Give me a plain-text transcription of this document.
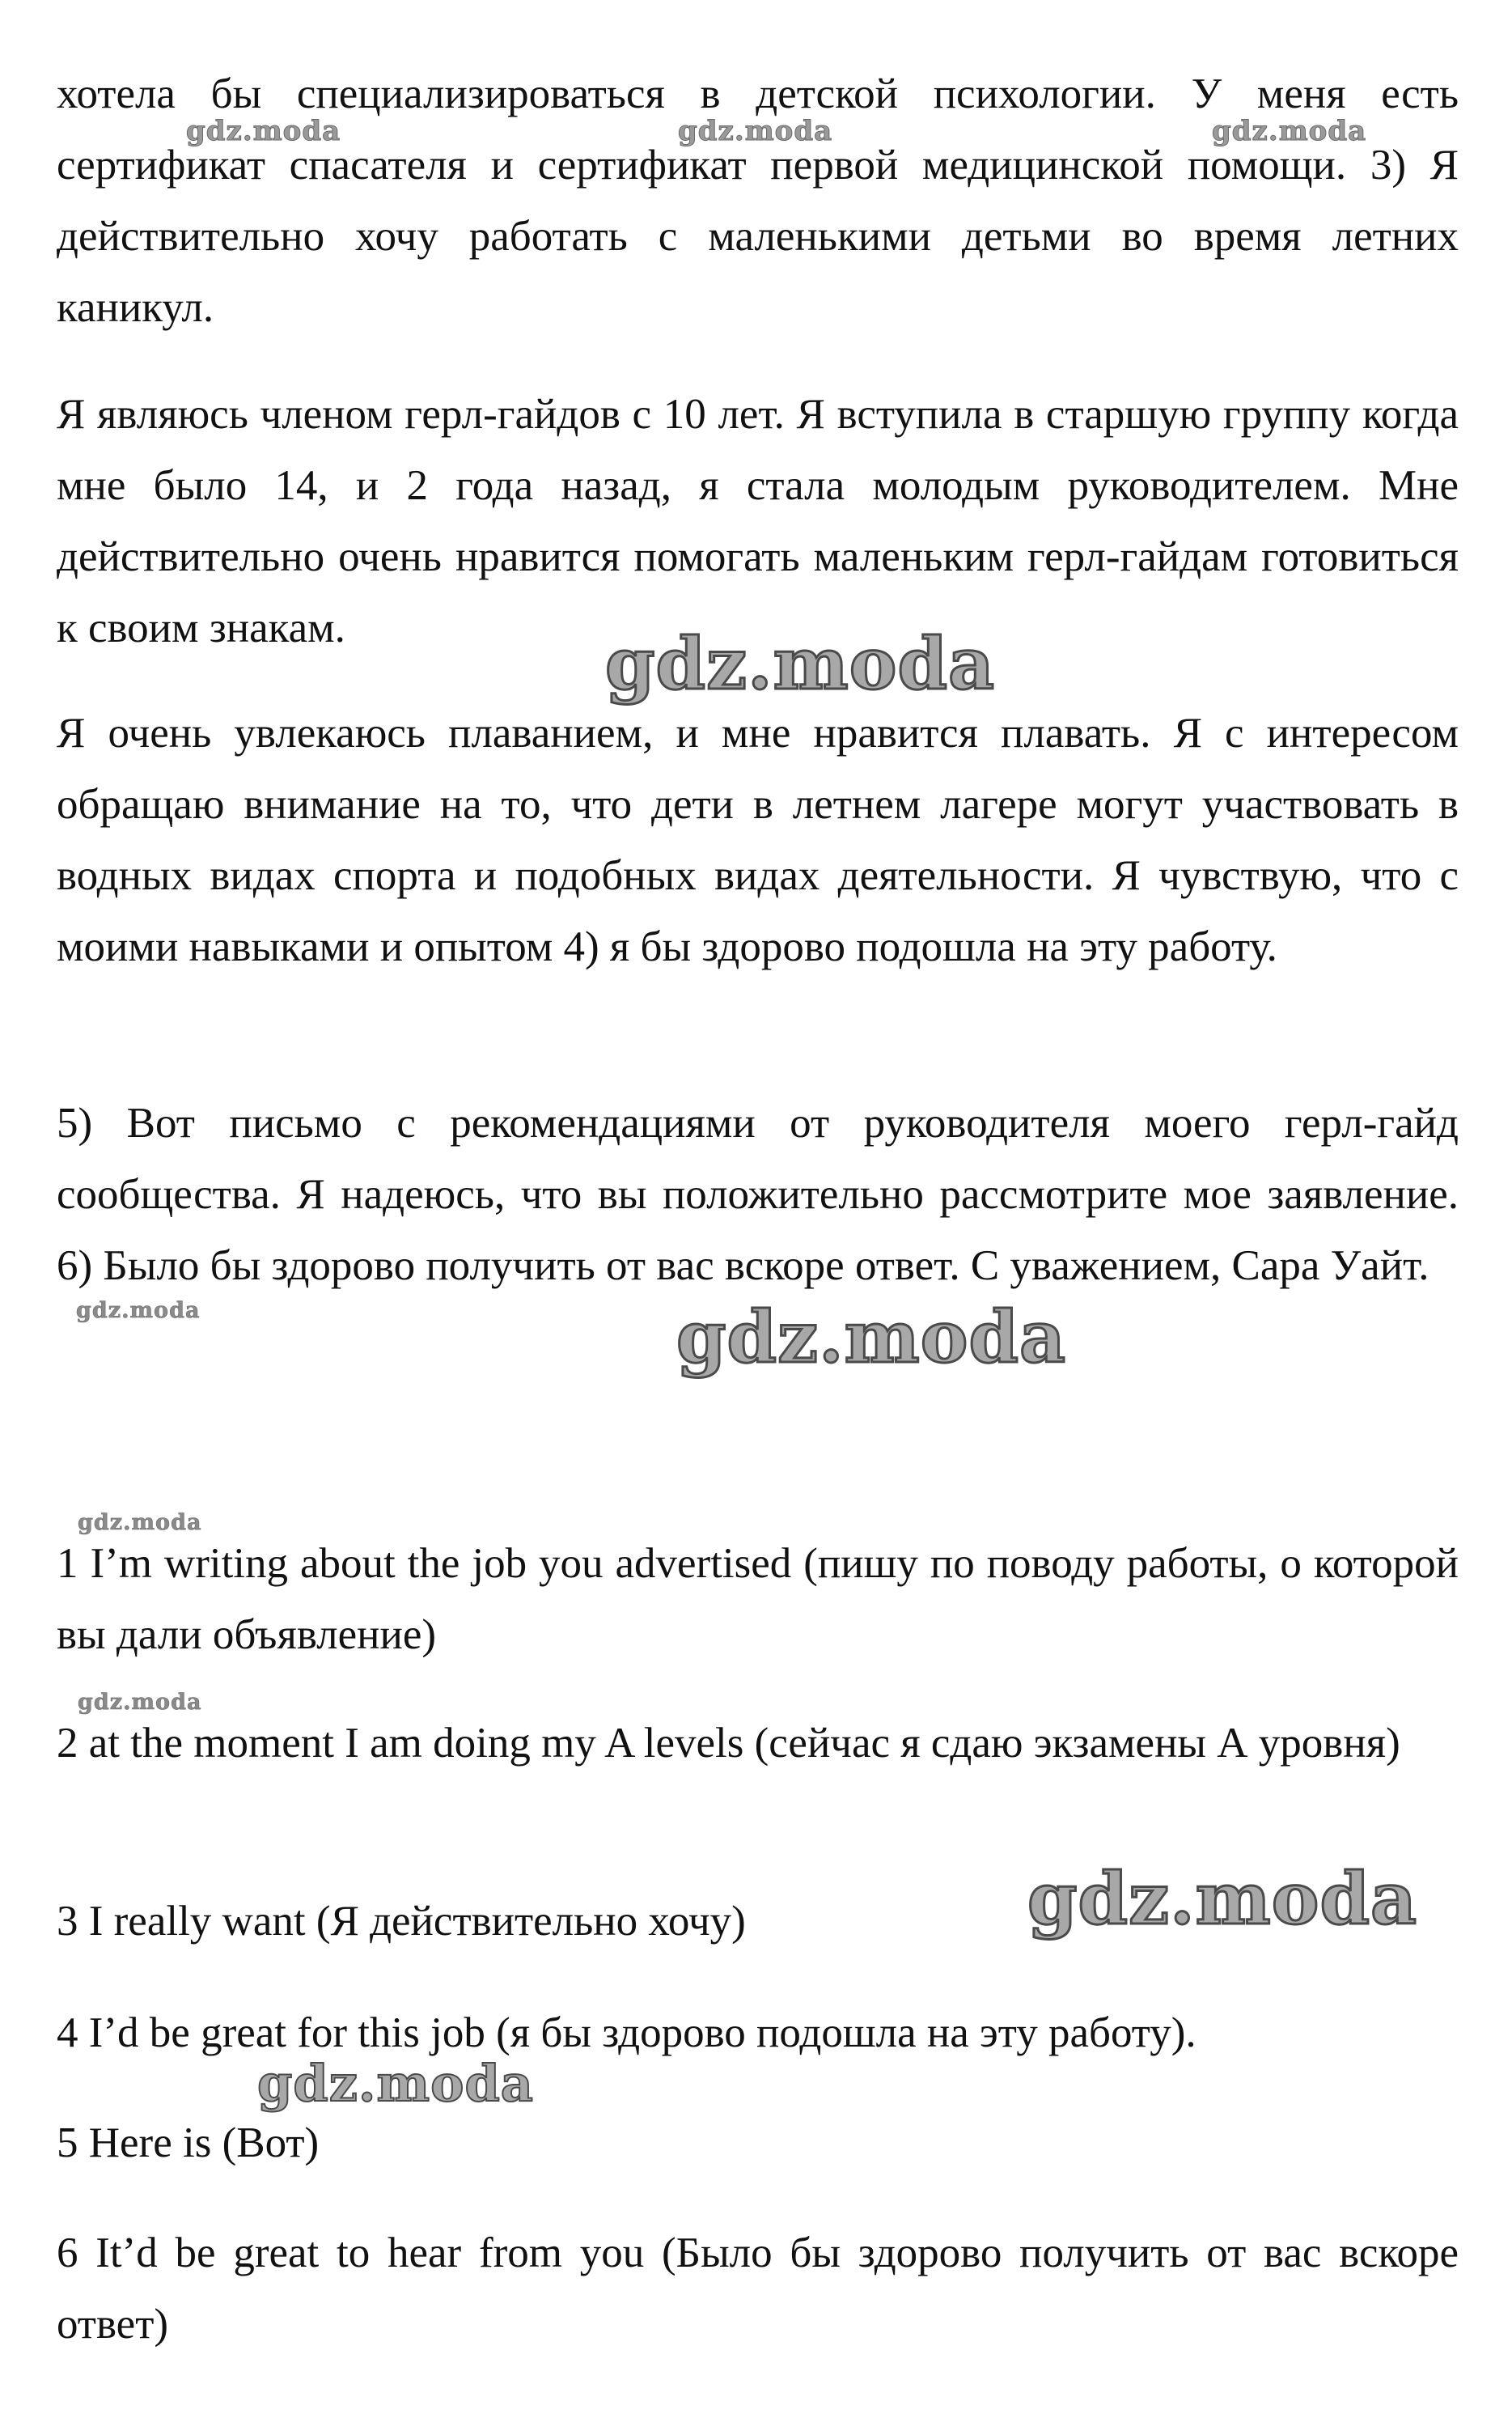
хотела бы специализироваться в детской психологии. У меня есть сертификат спасателя и сертификат первой медицинской помощи. 3) Я действительно хочу работать с маленькими детьми во время летних каникул.

Я являюсь членом герл-гайдов с 10 лет. Я вступила в старшую группу когда мне было 14, и 2 года назад, я стала молодым руководителем. Мне действительно очень нравится помогать маленьким герл-гайдам готовиться к своим знакам.

Я очень увлекаюсь плаванием, и мне нравится плавать. Я с интересом обращаю внимание на то, что дети в летнем лагере могут участвовать в водных видах спорта и подобных видах деятельности. Я чувствую, что с моими навыками и опытом 4) я бы здорово подошла на эту работу.

5) Вот письмо с рекомендациями от руководителя моего герл-гайд сообщества. Я надеюсь, что вы положительно рассмотрите мое заявление. 6) Было бы здорово получить от вас вскоре ответ. С уважением, Сара Уайт.

1 I’m writing about the job you advertised (пишу по поводу работы, о которой вы дали объявление)

2 at the moment I am doing my A levels (сейчас я сдаю экзамены А уровня)

3 I really want (Я действительно хочу)

4 I’d be great for this job (я бы здорово подошла на эту работу).

5 Here is (Вот)

6 It’d be great to hear from you (Было бы здорово получить от вас вскоре ответ)

gdz.moda	gdz.moda	gdz.moda
gdz.moda
gdz.moda	gdz.moda
gdz.moda
gdz.moda
gdz.moda
gdz.moda
